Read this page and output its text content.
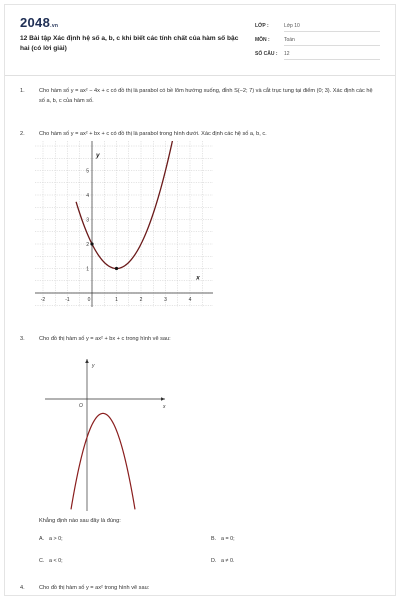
2048.vn
12 Bài tập Xác định hệ số a, b, c khi biết các tính chất của hàm số bậc hai (có lời giải)
LỚP :	Lớp 10
MÔN :	Toán
SỐ CÂU :	12
1.	Cho hàm số y = ax² − 4x + c có đồ thị là parabol có bề lõm hướng xuống, đỉnh S(−2; 7) và cắt trục tung tại điểm (0; 3). Xác định các hệ số a, b, c của hàm số.
2.	Cho hàm số y = ax² + bx + c có đồ thị là parabol trong hình dưới. Xác định các hệ số a, b, c.
-2	-1	0	1	2	3	4
1
2
3
4
5
x
y
3.	Cho đồ thị hàm số y = ax² + bx + c trong hình vẽ sau:
y
x
O
Khẳng định nào sau đây là đúng:
A. a > 0;	B. a = 0;
C. a < 0;	D. a ≠ 0.
4.	Cho đồ thị hàm số y = ax² trong hình vẽ sau:
